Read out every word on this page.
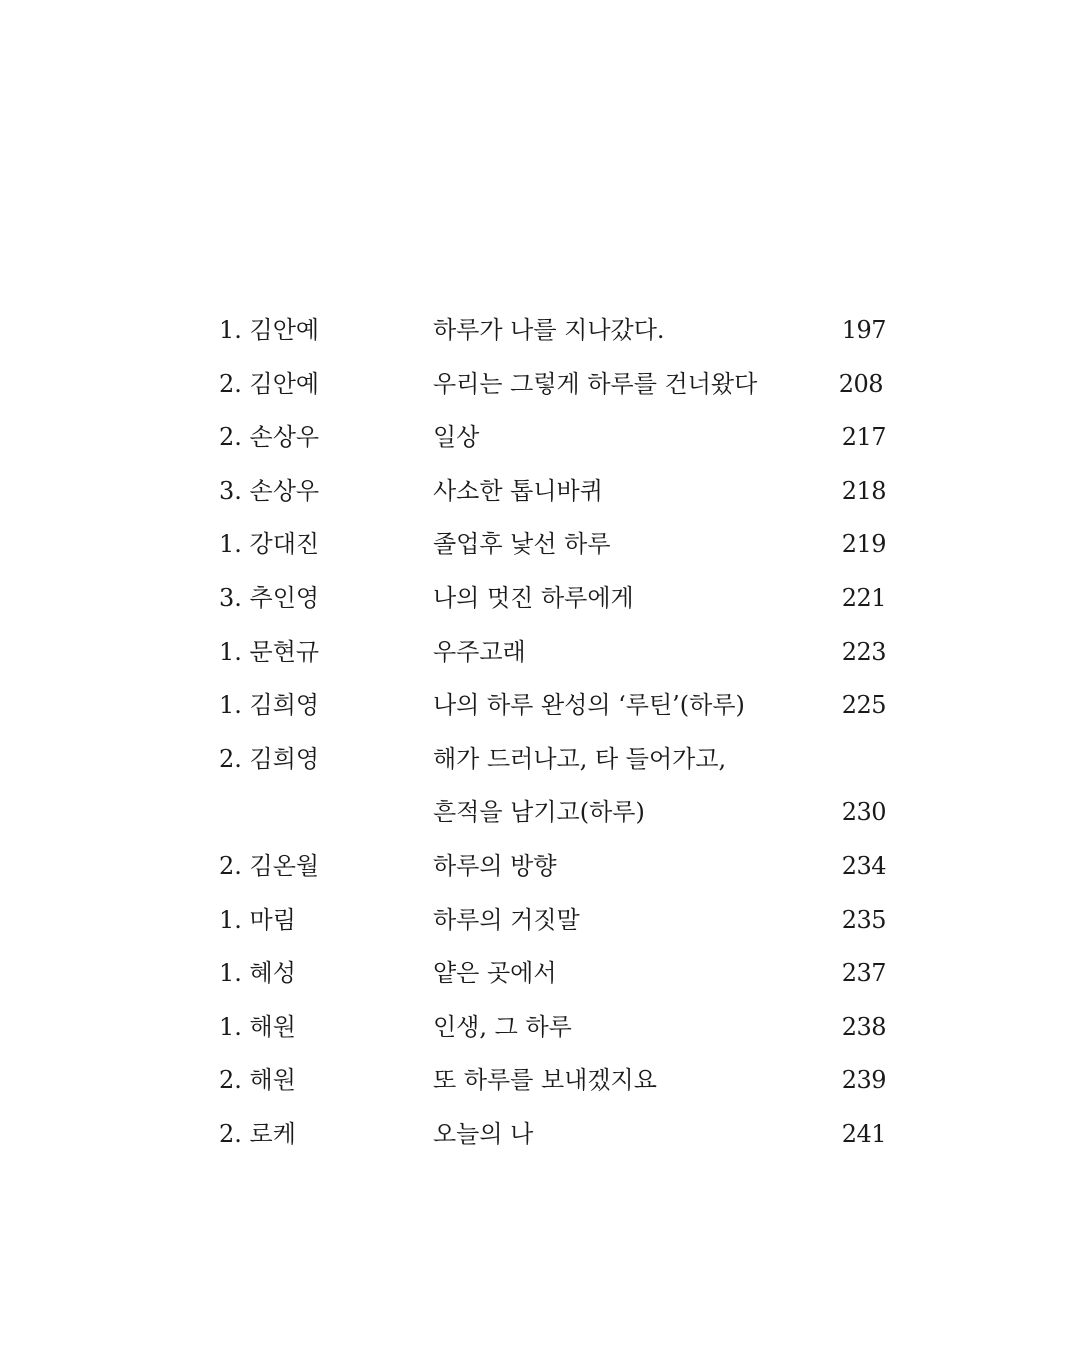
1. 김안예	하루가 나를 지나갔다.	197
2. 김안예	우리는 그렇게 하루를 건너왔다	208
2. 손상우	일상	217
3. 손상우	사소한 톱니바퀴	218
1. 강대진	졸업후 낯선 하루	219
3. 추인영	나의 멋진 하루에게	221
1. 문현규	우주고래	223
1. 김희영	나의 하루 완성의 ‘루틴’(하루)	225
2. 김희영	해가 드러나고, 타 들어가고,
흔적을 남기고(하루)	230
2. 김온월	하루의 방향	234
1. 마림	하루의 거짓말	235
1. 혜성	얕은 곳에서	237
1. 해원	인생, 그 하루	238
2. 해원	또 하루를 보내겠지요	239
2. 로케	오늘의 나	241
